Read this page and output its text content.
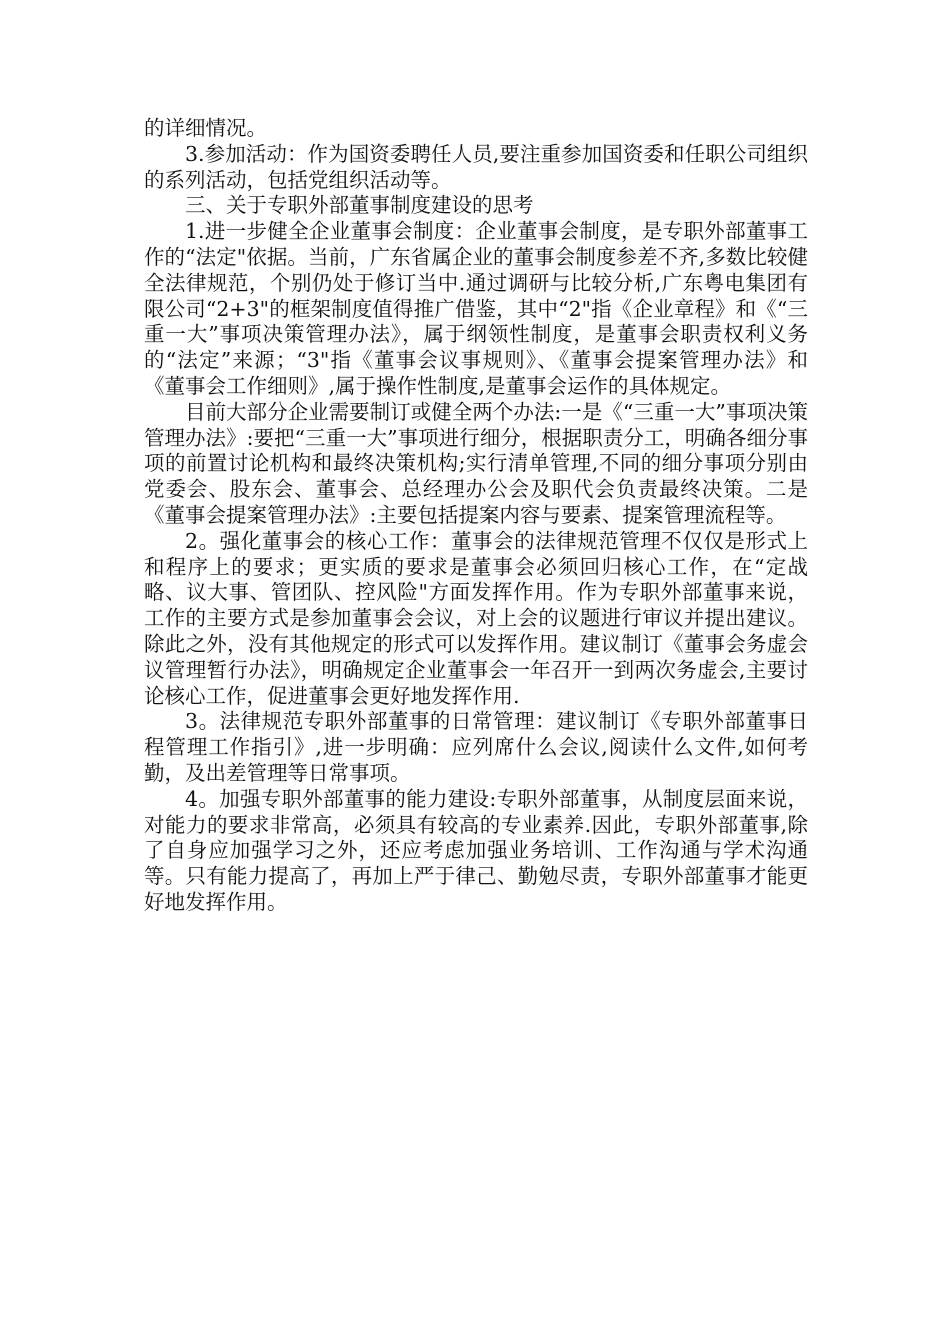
的详细情况。

3.参加活动：作为国资委聘任人员,要注重参加国资委和任职公司组织的系列活动，包括党组织活动等。

三、关于专职外部董事制度建设的思考

1.进一步健全企业董事会制度：企业董事会制度，是专职外部董事工作的“法定"依据。当前，广东省属企业的董事会制度参差不齐,多数比较健全法律规范，个别仍处于修订当中.通过调研与比较分析,广东粤电集团有限公司“2+3"的框架制度值得推广借鉴，其中“2"指《企业章程》和《“三重一大”事项决策管理办法》，属于纲领性制度，是董事会职责权利义务的“法定”来源；“3"指《董事会议事规则》、《董事会提案管理办法》和《董事会工作细则》,属于操作性制度,是董事会运作的具体规定。

目前大部分企业需要制订或健全两个办法:一是《“三重一大”事项决策管理办法》:要把“三重一大”事项进行细分，根据职责分工，明确各细分事项的前置讨论机构和最终决策机构;实行清单管理,不同的细分事项分别由党委会、股东会、董事会、总经理办公会及职代会负责最终决策。二是《董事会提案管理办法》:主要包括提案内容与要素、提案管理流程等。

2。强化董事会的核心工作：董事会的法律规范管理不仅仅是形式上和程序上的要求；更实质的要求是董事会必须回归核心工作，在“定战略、议大事、管团队、控风险"方面发挥作用。作为专职外部董事来说，工作的主要方式是参加董事会会议，对上会的议题进行审议并提出建议。除此之外，没有其他规定的形式可以发挥作用。建议制订《董事会务虚会议管理暂行办法》，明确规定企业董事会一年召开一到两次务虚会,主要讨论核心工作，促进董事会更好地发挥作用.

3。法律规范专职外部董事的日常管理：建议制订《专职外部董事日程管理工作指引》,进一步明确：应列席什么会议,阅读什么文件,如何考勤，及出差管理等日常事项。

4。加强专职外部董事的能力建设:专职外部董事，从制度层面来说，对能力的要求非常高，必须具有较高的专业素养.因此，专职外部董事,除了自身应加强学习之外，还应考虑加强业务培训、工作沟通与学术沟通等。只有能力提高了，再加上严于律己、勤勉尽责，专职外部董事才能更好地发挥作用。
